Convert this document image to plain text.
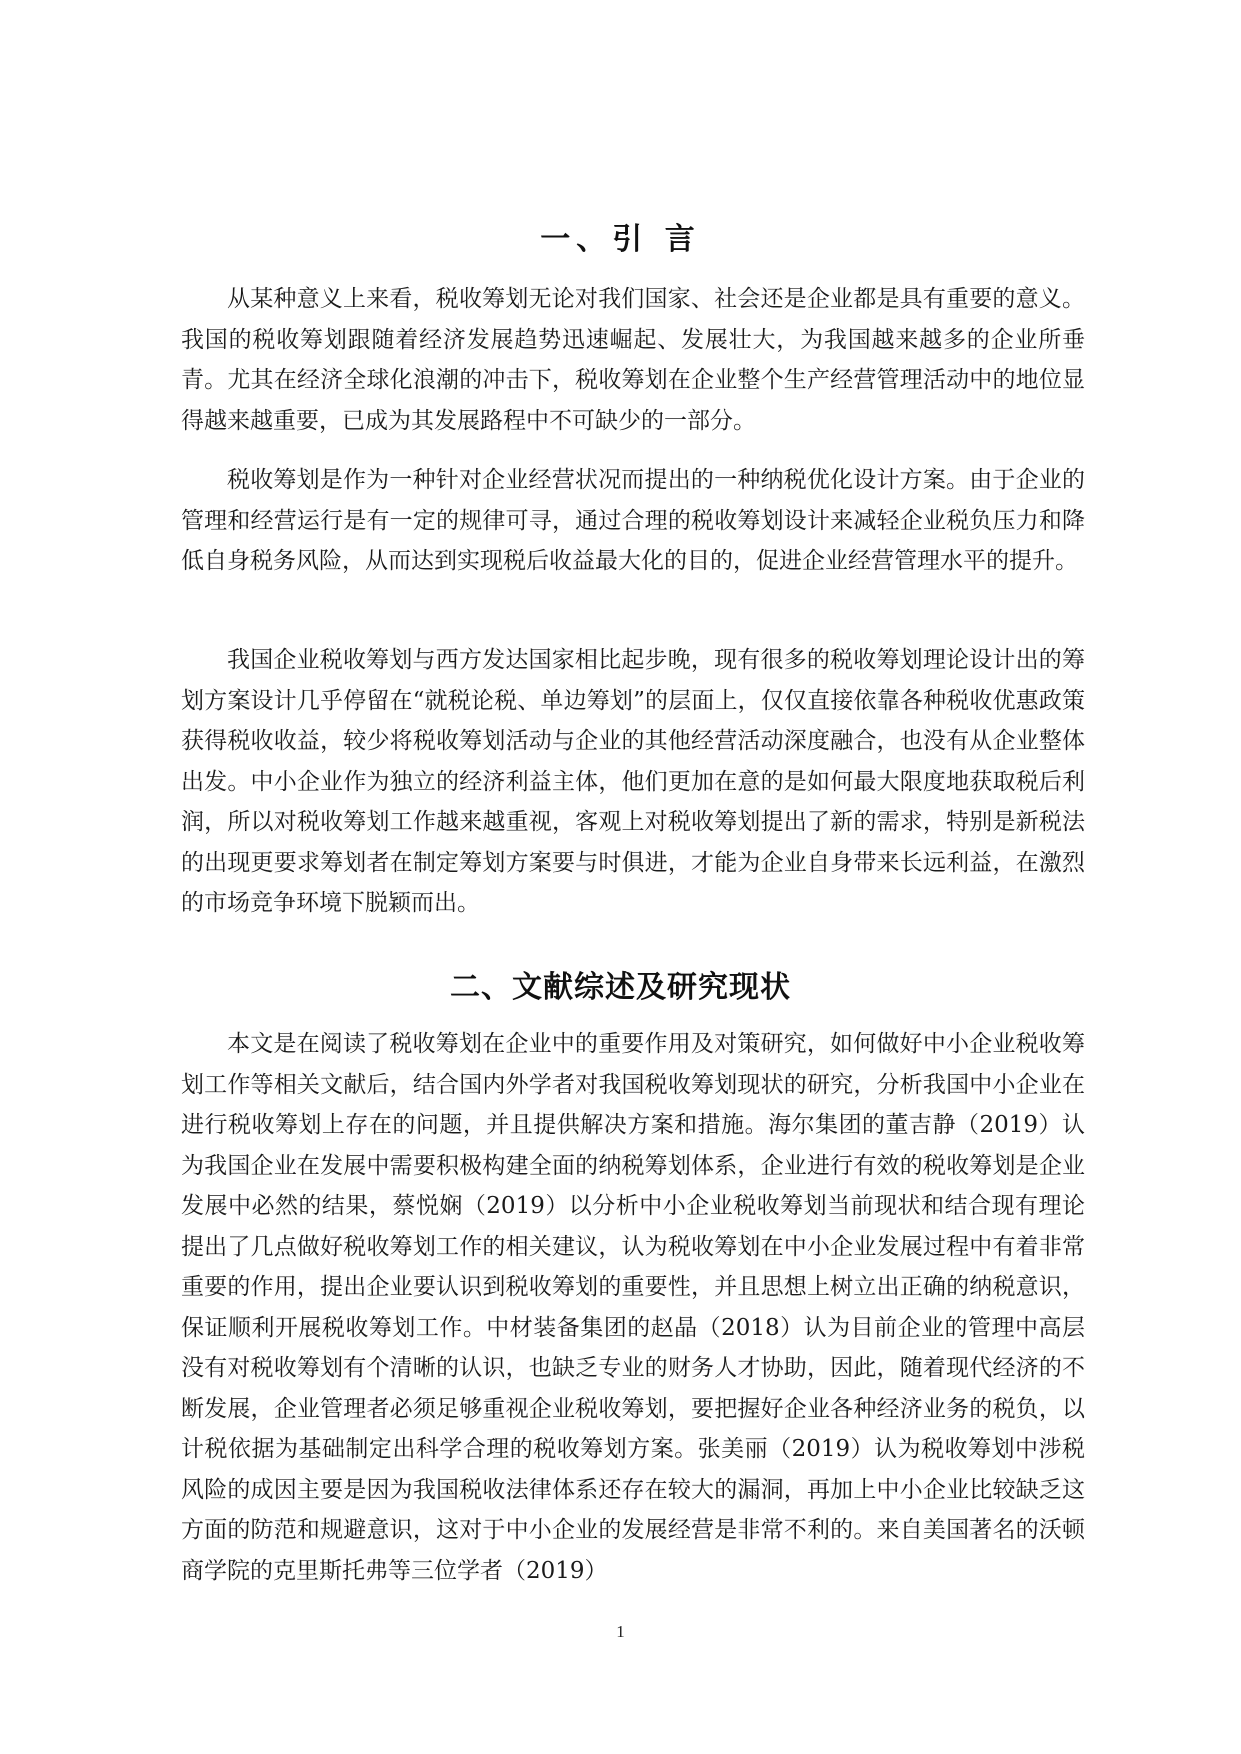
一、引 言

从某种意义上来看，税收筹划无论对我们国家、社会还是企业都是具有重要的意义。我国的税收筹划跟随着经济发展趋势迅速崛起、发展壮大，为我国越来越多的企业所垂青。尤其在经济全球化浪潮的冲击下，税收筹划在企业整个生产经营管理活动中的地位显得越来越重要，已成为其发展路程中不可缺少的一部分。

税收筹划是作为一种针对企业经营状况而提出的一种纳税优化设计方案。由于企业的管理和经营运行是有一定的规律可寻，通过合理的税收筹划设计来减轻企业税负压力和降低自身税务风险，从而达到实现税后收益最大化的目的，促进企业经营管理水平的提升。

我国企业税收筹划与西方发达国家相比起步晚，现有很多的税收筹划理论设计出的筹划方案设计几乎停留在“就税论税、单边筹划”的层面上，仅仅直接依靠各种税收优惠政策获得税收收益，较少将税收筹划活动与企业的其他经营活动深度融合，也没有从企业整体出发。中小企业作为独立的经济利益主体，他们更加在意的是如何最大限度地获取税后利润，所以对税收筹划工作越来越重视，客观上对税收筹划提出了新的需求，特别是新税法的出现更要求筹划者在制定筹划方案要与时俱进，才能为企业自身带来长远利益，在激烈的市场竞争环境下脱颖而出。

二、文献综述及研究现状

本文是在阅读了税收筹划在企业中的重要作用及对策研究，如何做好中小企业税收筹划工作等相关文献后，结合国内外学者对我国税收筹划现状的研究，分析我国中小企业在进行税收筹划上存在的问题，并且提供解决方案和措施。海尔集团的董吉静（2019）认为我国企业在发展中需要积极构建全面的纳税筹划体系，企业进行有效的税收筹划是企业发展中必然的结果，蔡悦娴（2019）以分析中小企业税收筹划当前现状和结合现有理论提出了几点做好税收筹划工作的相关建议，认为税收筹划在中小企业发展过程中有着非常重要的作用，提出企业要认识到税收筹划的重要性，并且思想上树立出正确的纳税意识，保证顺利开展税收筹划工作。中材装备集团的赵晶（2018）认为目前企业的管理中高层没有对税收筹划有个清晰的认识，也缺乏专业的财务人才协助，因此，随着现代经济的不断发展，企业管理者必须足够重视企业税收筹划，要把握好企业各种经济业务的税负，以计税依据为基础制定出科学合理的税收筹划方案。张美丽（2019）认为税收筹划中涉税风险的成因主要是因为我国税收法律体系还存在较大的漏洞，再加上中小企业比较缺乏这方面的防范和规避意识，这对于中小企业的发展经营是非常不利的。来自美国著名的沃顿商学院的克里斯托弗等三位学者（2019）

1
